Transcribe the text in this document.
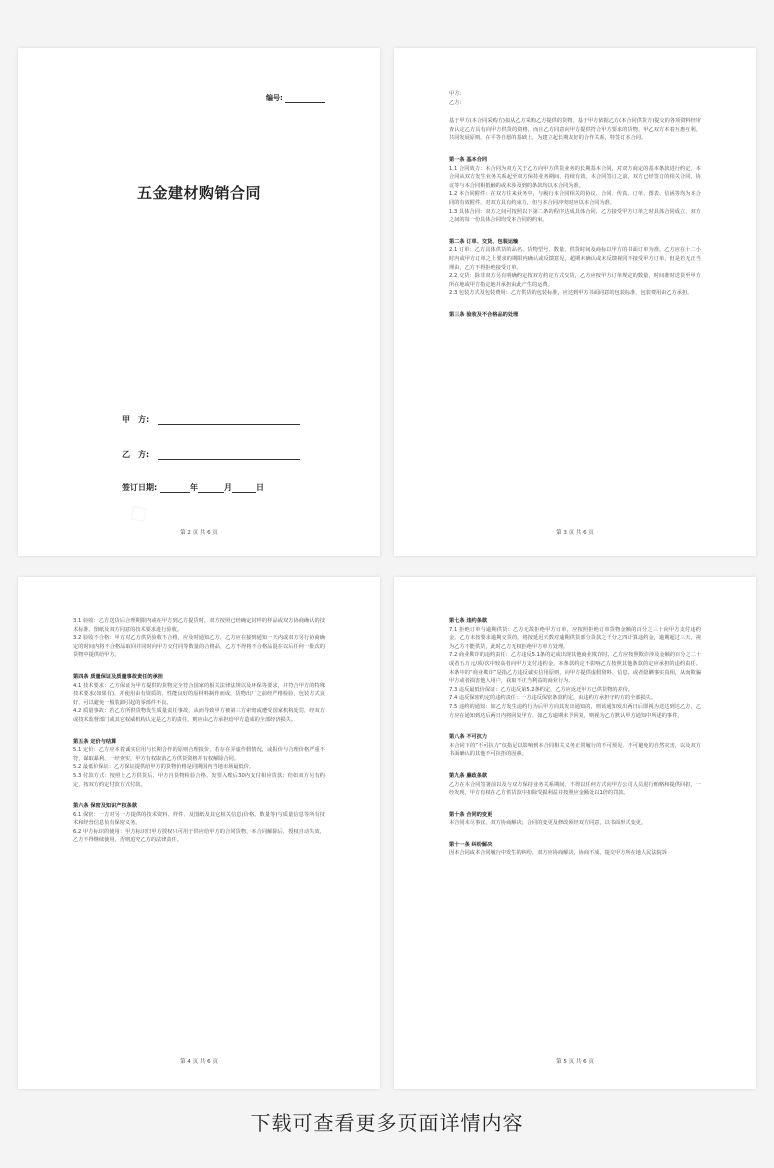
编号:
五金建材购销合同
甲　方:
乙　方:
签订日期:	年	月	日
第 2 页 共 6 页

甲方:

乙方:

基于甲方(本合同采购方)拟从乙方采购乙方提供的货物，基于甲方依据乙方(本合同供货方)提交的各项资料经审查认定乙方具有向甲方供货的资格，而且乙方同意向甲方提供符合甲方要求的货物。甲乙双方本着互惠互利、共同发展原则，在平等自愿的基础上，为建立起长期友好的合作关系，特签订本合同。

第一条 基本合同

1.1 合同效力：本合同为双方关于乙方向甲方供货业务的长期基本合同，对双方商定的基本条款进行约定，本合同从双方发生业务关系起至双方保持业务期间，持续有效。本合同签订之前，双方已经签订的相关合同、协议等与本合同相抵触的或未涉及到的条款均以本合同为准。

1.2 本合同附件：在双方往来业务中，与履行本合同相关的协议、合同、传真、订单、图表、信函等均为本合同的有效附件，对双方具有约束力，但与本合同冲突时应以本合同为准。

1.3 具体合同：双方之间可按照以下第二条的程序达成具体合同，乙方接受甲方订单之时具体合同成立，双方之间的每一份具体合同均受本合同的约束。

第二条 订单、交货、包装运输

2.1 订单：乙方具体供货的品名、货物型号、数量、供货时间及商标以甲方的书面订单为准。乙方应在十二小时内或甲方订单之上要求的期限内确认或反馈意见，超期未确认或未反馈视同不接受甲方订单，但是若无正当理由，乙方不得拒绝接受订单。

2.2 交货：除非双方另有明确约定按双方约定方式交货，乙方应按甲方订单规定的数量、时间准时送货至甲方所在地或甲方指定地并承担由此产生的运费。

2.3 包装方式及包装费用：乙方供货的包装标准，应达到甲方书面同意的包装标准，包装费用由乙方承担。

第三条 验收及不合格品的处理

第 3 页 共 6 页

3.1 验收：乙方送货后合理期限内或在甲方到乙方提货时，双方按照已经确定封样的样品或双方协商确认的技术标准、图纸及双方同意的技术要求进行验收。

3.2 验收不合格：甲方对乙方供货验收不合格，应及时通知乙方，乙方应在接到通知一天内或双方另行协商确定的时间内将不合格品取回并同时向甲方交付同等数量的合格品，乙方不得将不合格品混在以后任何一批次的货物中提供给甲方。

第四条 质量保证及质量事故责任的承担

4.1 技术要求：乙方保证为甲方提供的货物完全符合国家的相关法律法规以及环保等要求，并符合甲方的特殊技术要求(如果有)，并使用由有资质的、性能良好的原材料制作而成，货物出厂之前经严格检验，包装方式良好，可以避免一般装卸引起的零部件不良。

4.2 质量事故：若乙方所供货物发生质量责任事故，从而导致甲方被第三方索赔或遭受国家机构处罚，经双方或技术监督部门或其它权威机构认定是乙方的责任，则应由乙方承担给甲方造成的全部经济损失。

第五条 定价与结算

5.1 定价：乙方应本着诚实信用与长期合作的原则合理报价，若存在弄虚作假情况，或报价与合理价格严重不符，谋取暴利，一经查实，甲方有权取消乙方供货资格并有权解除合同。

5.2 最低价保证：乙方保证提供给甲方的货物价格是同期国内当地市场最低价。

5.3 付款方式：按照上乙方供货后，甲方自货物检验合格、发票入账后30内支付相应货款；但如双方另有约定，按双方约定付款方式付款。

第六条 保密及知识产权条款

6.1 保密：一方对另一方提供的技术资料、样件、及图纸及其它相关信息(价格、数量等)与质量信息等所有技术和经营信息负有保密义务。

6.2 甲方标识的使用：甲方标识归甲方授权只可用于供应给甲方的合同货物，本合同解除后，授权自动失效，乙方不得继续使用，否则追究乙方的法律责任。

第 4 页 共 6 页

第七条 违约条款

7.1 拒绝订单与逾期供货：乙方无故拒绝甲方订单，应按照拒绝订单货物金额的百分之三十向甲方支付违约金。乙方未按要求逾期交货的，将按延迟天数对逾期供货部分货款之千分之四计算违约金，逾期超过三天，视为乙方不能供货，此时乙方无权拒绝甲方单方处理。

7.2 商业欺诈的违约责任：乙方违反5.1条的定或出现其他商业欺诈时，乙方应按照欺诈涉及金额的百分之二十或者五万元/项/次中较高者向甲方支付违约金。本条款约定不影响乙方按照其他条款的定应承担的违约责任。本条中的“商业欺诈”是指乙方违反诚实信用原则，向甲方提供虚假资料、信息，或者隐瞒事实真相，从而欺骗甲方或者损害他人用户，获取不正当利益的商业行为。

7.3 违反最低价保证：乙方违反第5.2条约定，乙方应返还甲方已供货物的差价。

7.4 违反保密约定的违约责任：一方违反保密条款约定，由违约方承担守约方的全部损失。

7.5 违约的通知：如乙方发生违约行为后甲方向其发出通知的，则该通知发出两日后即视为送达到达乙方，乙方应在通知到达后两日内将回复甲方，如乙方逾期未予回复，则视为乙方默认甲方通知中所述的事件。

第八条 不可抗力

本合同下的“不可抗力”仅指足以影响到本合同相关义务正常履行的不可预见、不可避免的自然灾害，以及双方书面确认的其他不可抗拒的因素。

第九条 廉政条款

乙方在本合同签署前以及与双方保持业务关系期间，不得以任何方式向甲方公司人员进行贿赂和提供回扣，一经发现，甲方有权在乙方供货款中扣除受损利益并按照应金额处以1倍的罚款。

第十条 合同的变更

本合同未尽事宜，双方协商解决；合同的变更及修改须经双方同意，以书面形式变更。

第十一条 纠纷解决

因本合同或本合同履行中发生的纠纷，双方应协商解决，协商不成，提交甲方所在地人民法院诉

第 5 页 共 6 页
下载可查看更多页面详情内容
